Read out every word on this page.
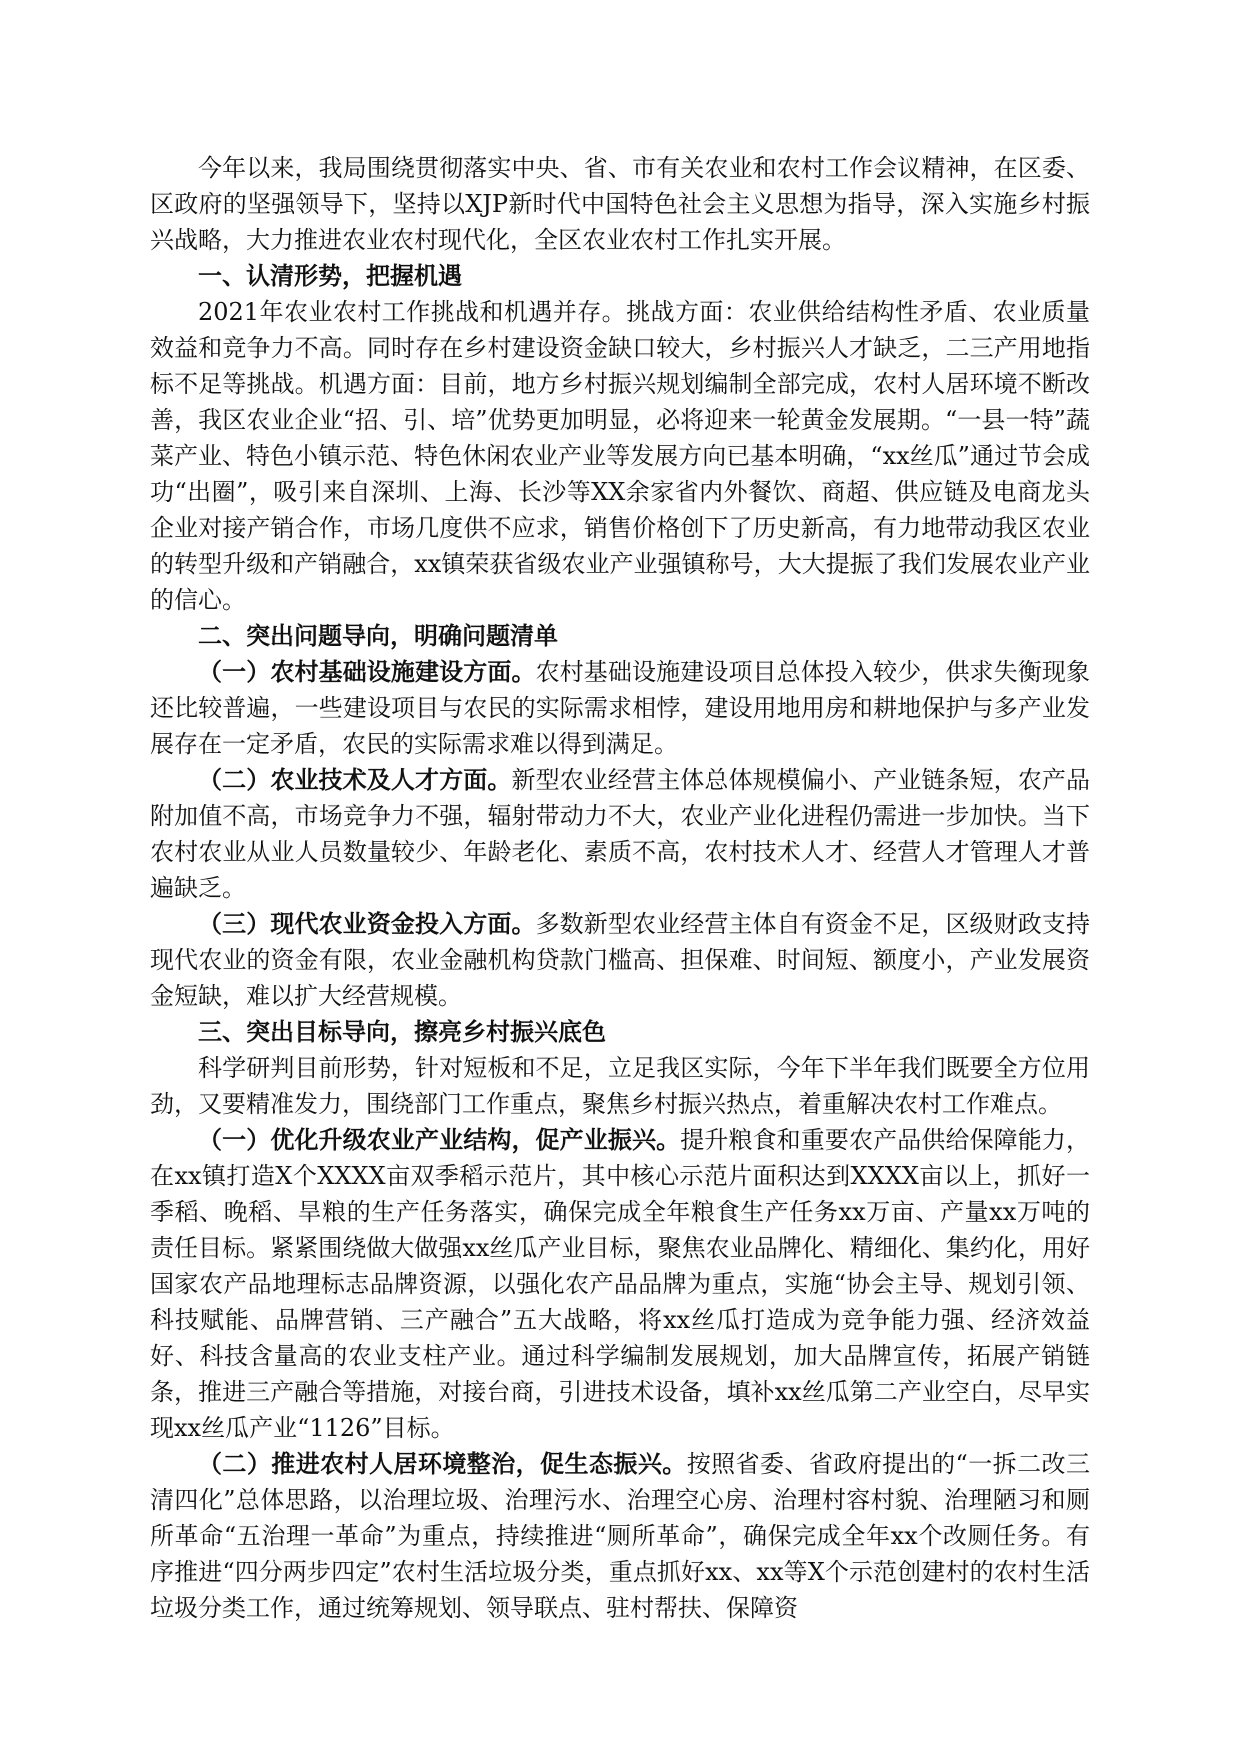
今年以来，我局围绕贯彻落实中央、省、市有关农业和农村工作会议精神，在区委、区政府的坚强领导下，坚持以XJP新时代中国特色社会主义思想为指导，深入实施乡村振兴战略，大力推进农业农村现代化，全区农业农村工作扎实开展。

一、认清形势，把握机遇

2021年农业农村工作挑战和机遇并存。挑战方面：农业供给结构性矛盾、农业质量效益和竞争力不高。同时存在乡村建设资金缺口较大，乡村振兴人才缺乏，二三产用地指标不足等挑战。机遇方面：目前，地方乡村振兴规划编制全部完成，农村人居环境不断改善，我区农业企业“招、引、培”优势更加明显，必将迎来一轮黄金发展期。“一县一特”蔬菜产业、特色小镇示范、特色休闲农业产业等发展方向已基本明确，“xx丝瓜”通过节会成功“出圈”，吸引来自深圳、上海、长沙等XX余家省内外餐饮、商超、供应链及电商龙头企业对接产销合作，市场几度供不应求，销售价格创下了历史新高，有力地带动我区农业的转型升级和产销融合，xx镇荣获省级农业产业强镇称号，大大提振了我们发展农业产业的信心。

二、突出问题导向，明确问题清单

（一）农村基础设施建设方面。农村基础设施建设项目总体投入较少，供求失衡现象还比较普遍，一些建设项目与农民的实际需求相悖，建设用地用房和耕地保护与多产业发展存在一定矛盾，农民的实际需求难以得到满足。

（二）农业技术及人才方面。新型农业经营主体总体规模偏小、产业链条短，农产品附加值不高，市场竞争力不强，辐射带动力不大，农业产业化进程仍需进一步加快。当下农村农业从业人员数量较少、年龄老化、素质不高，农村技术人才、经营人才管理人才普遍缺乏。

（三）现代农业资金投入方面。多数新型农业经营主体自有资金不足，区级财政支持现代农业的资金有限，农业金融机构贷款门槛高、担保难、时间短、额度小，产业发展资金短缺，难以扩大经营规模。

三、突出目标导向，擦亮乡村振兴底色

科学研判目前形势，针对短板和不足，立足我区实际，今年下半年我们既要全方位用劲，又要精准发力，围绕部门工作重点，聚焦乡村振兴热点，着重解决农村工作难点。

（一）优化升级农业产业结构，促产业振兴。提升粮食和重要农产品供给保障能力，在xx镇打造X个XXXX亩双季稻示范片，其中核心示范片面积达到XXXX亩以上，抓好一季稻、晚稻、旱粮的生产任务落实，确保完成全年粮食生产任务xx万亩、产量xx万吨的责任目标。紧紧围绕做大做强xx丝瓜产业目标，聚焦农业品牌化、精细化、集约化，用好国家农产品地理标志品牌资源，以强化农产品品牌为重点，实施“协会主导、规划引领、科技赋能、品牌营销、三产融合”五大战略，将xx丝瓜打造成为竞争能力强、经济效益好、科技含量高的农业支柱产业。通过科学编制发展规划，加大品牌宣传，拓展产销链条，推进三产融合等措施，对接台商，引进技术设备，填补xx丝瓜第二产业空白，尽早实现xx丝瓜产业“1126”目标。

（二）推进农村人居环境整治，促生态振兴。按照省委、省政府提出的“一拆二改三清四化”总体思路，以治理垃圾、治理污水、治理空心房、治理村容村貌、治理陋习和厕所革命“五治理一革命”为重点，持续推进“厕所革命”，确保完成全年xx个改厕任务。有序推进“四分两步四定”农村生活垃圾分类，重点抓好xx、xx等X个示范创建村的农村生活垃圾分类工作，通过统筹规划、领导联点、驻村帮扶、保障资
